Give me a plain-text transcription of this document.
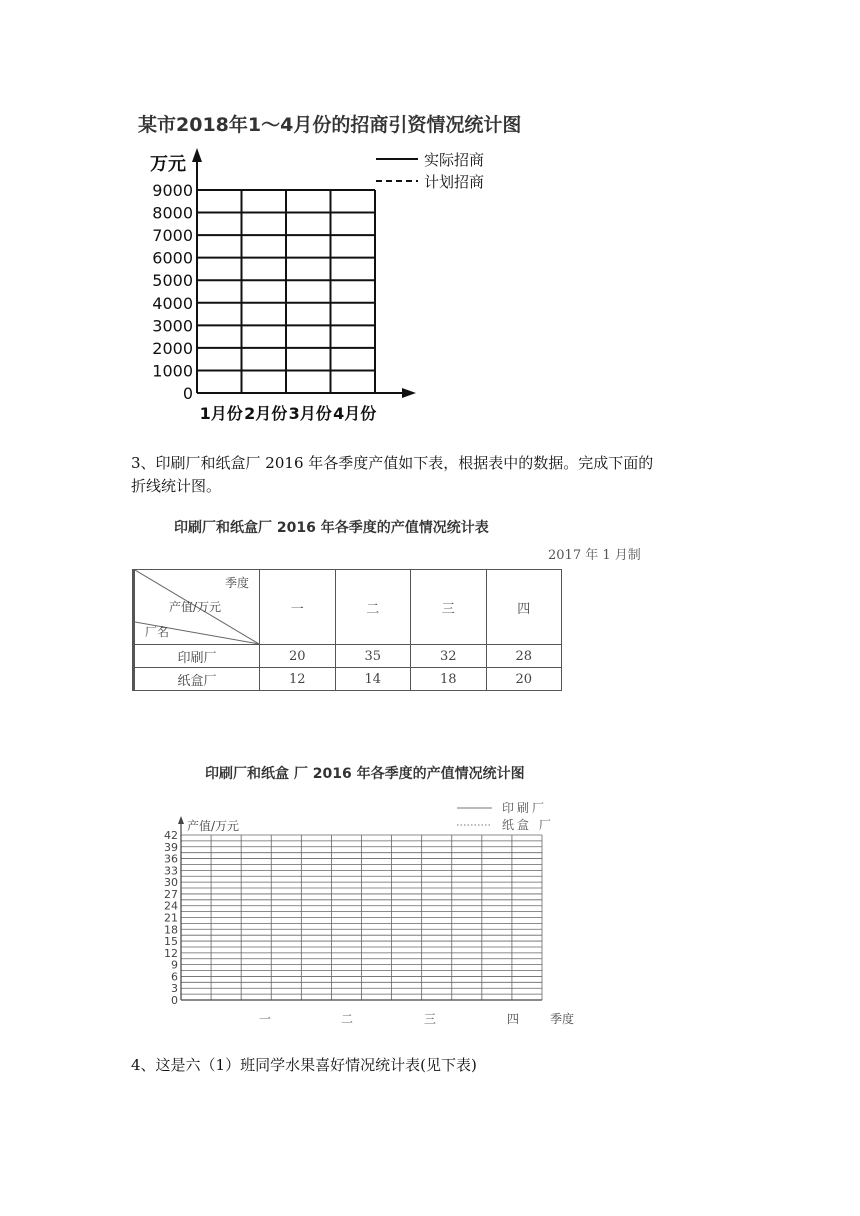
某市2018年1～4月份的招商引资情况统计图
0
1000
2000
3000
4000
5000
6000
7000
8000
9000
万元
1月份 2月份 3月份 4月份
实际招商
计划招商
3、印刷厂和纸盒厂 2016 年各季度产值如下表，根据表中的数据。完成下面的
折线统计图。
印刷厂和纸盒厂 2016 年各季度的产值情况统计表
2017 年 1 月制
季度
产值/万元
厂名	一	二	三	四
印刷厂	20	35	32	28
纸盒厂	12	14	18	20
印刷厂和纸盒 厂 2016 年各季度的产值情况统计图
0
3
6
9
12
15
18
21
24
27
30
33
36
39
42
产值/万元
一	二	三	四	季度
印刷厂
纸盒 厂
4、这是六（1）班同学水果喜好情况统计表(见下表)
